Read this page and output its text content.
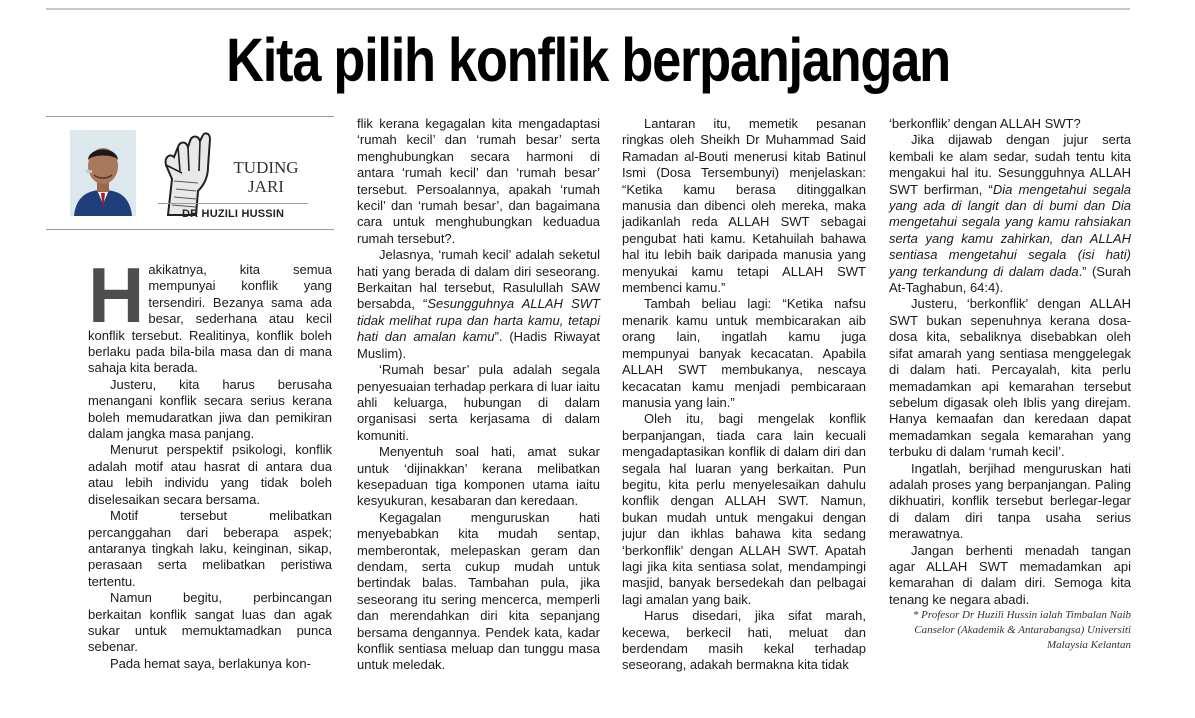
Kita pilih konflik berpanjangan
TUDING
JARI
DR HUZILI HUSSIN
H akikatnya, kita semua mempunyai konflik yang tersendiri. Bezanya sama ada besar, sederhana atau kecil konflik tersebut. Realitinya, konflik boleh berlaku pada bila-bila masa dan di mana sahaja kita berada.

Justeru, kita harus berusaha menangani konflik secara serius kerana boleh memudaratkan jiwa dan pemikiran dalam jangka masa panjang.

Menurut perspektif psikologi, konflik adalah motif atau hasrat di antara dua atau lebih individu yang tidak boleh diselesaikan secara bersama.

Motif tersebut melibatkan percanggahan dari beberapa aspek; antaranya tingkah laku, keinginan, sikap, perasaan serta melibatkan peristiwa tertentu.

Namun begitu, perbincangan berkaitan konflik sangat luas dan agak sukar untuk memuktamadkan punca sebenar.

Pada hemat saya, berlakunya kon-

flik kerana kegagalan kita mengadaptasi ‘rumah kecil’ dan ‘rumah besar’ serta menghubungkan secara harmoni di antara ‘rumah kecil’ dan ‘rumah besar’ tersebut. Persoalannya, apakah ‘rumah kecil’ dan ‘rumah besar’, dan bagaimana cara untuk menghubungkan keduadua rumah tersebut?.

Jelasnya, ‘rumah kecil’ adalah seketul hati yang berada di dalam diri seseorang. Berkaitan hal tersebut, Rasulullah SAW bersabda, “Sesungguhnya ALLAH SWT tidak melihat rupa dan harta kamu, tetapi hati dan amalan kamu”. (Hadis Riwayat Muslim).

‘Rumah besar’ pula adalah segala penyesuaian terhadap perkara di luar iaitu ahli keluarga, hubungan di dalam organisasi serta kerjasama di dalam komuniti.

Menyentuh soal hati, amat sukar untuk ‘dijinakkan’ kerana melibatkan kesepaduan tiga komponen utama iaitu kesyukuran, kesabaran dan keredaan.

Kegagalan menguruskan hati menyebabkan kita mudah sentap, memberontak, melepaskan geram dan dendam, serta cukup mudah untuk bertindak balas. Tambahan pula, jika seseorang itu sering mencerca, memperli dan merendahkan diri kita sepanjang bersama dengannya. Pendek kata, kadar konflik sentiasa meluap dan tunggu masa untuk meledak.

Lantaran itu, memetik pesanan ringkas oleh Sheikh Dr Muhammad Said Ramadan al-Bouti menerusi kitab Batinul Ismi (Dosa Tersembunyi) menjelaskan: “Ketika kamu berasa ditinggalkan manusia dan dibenci oleh mereka, maka jadikanlah reda ALLAH SWT sebagai pengubat hati kamu. Ketahuilah bahawa hal itu lebih baik daripada manusia yang menyukai kamu tetapi ALLAH SWT membenci kamu.”

Tambah beliau lagi: “Ketika nafsu menarik kamu untuk membicarakan aib orang lain, ingatlah kamu juga mempunyai banyak kecacatan. Apabila ALLAH SWT membukanya, nescaya kecacatan kamu menjadi pembicaraan manusia yang lain.”

Oleh itu, bagi mengelak konflik berpanjangan, tiada cara lain kecuali mengadaptasikan konflik di dalam diri dan segala hal luaran yang berkaitan. Pun begitu, kita perlu menyelesaikan dahulu konflik dengan ALLAH SWT. Namun, bukan mudah untuk mengakui dengan jujur dan ikhlas bahawa kita sedang ‘berkonflik’ dengan ALLAH SWT. Apatah lagi jika kita sentiasa solat, mendampingi masjid, banyak bersedekah dan pelbagai lagi amalan yang baik.

Harus disedari, jika sifat marah, kecewa, berkecil hati, meluat dan berdendam masih kekal terhadap seseorang, adakah bermakna kita tidak

‘berkonflik’ dengan ALLAH SWT?

Jika dijawab dengan jujur serta kembali ke alam sedar, sudah tentu kita mengakui hal itu. Sesungguhnya ALLAH SWT berfirman, “Dia mengetahui segala yang ada di langit dan di bumi dan Dia mengetahui segala yang kamu rahsiakan serta yang kamu zahirkan, dan ALLAH sentiasa mengetahui segala (isi hati) yang terkandung di dalam dada.” (Surah At-Taghabun, 64:4).

Justeru, ‘berkonflik’ dengan ALLAH SWT bukan sepenuhnya kerana dosa-dosa kita, sebaliknya disebabkan oleh sifat amarah yang sentiasa menggelegak di dalam hati. Percayalah, kita perlu memadamkan api kemarahan tersebut sebelum digasak oleh Iblis yang direjam. Hanya kemaafan dan keredaan dapat memadamkan segala kemarahan yang terbuku di dalam ‘rumah kecil’.

Ingatlah, berjihad menguruskan hati adalah proses yang berpanjangan. Paling dikhuatiri, konflik tersebut berlegar-legar di dalam diri tanpa usaha serius merawatnya.

Jangan berhenti menadah tangan agar ALLAH SWT memadamkan api kemarahan di dalam diri. Semoga kita tenang ke negara abadi.

* Profesor Dr Huzili Hussin ialah Timbalan Naib Canselor (Akademik & Antarabangsa) Universiti Malaysia Kelantan
